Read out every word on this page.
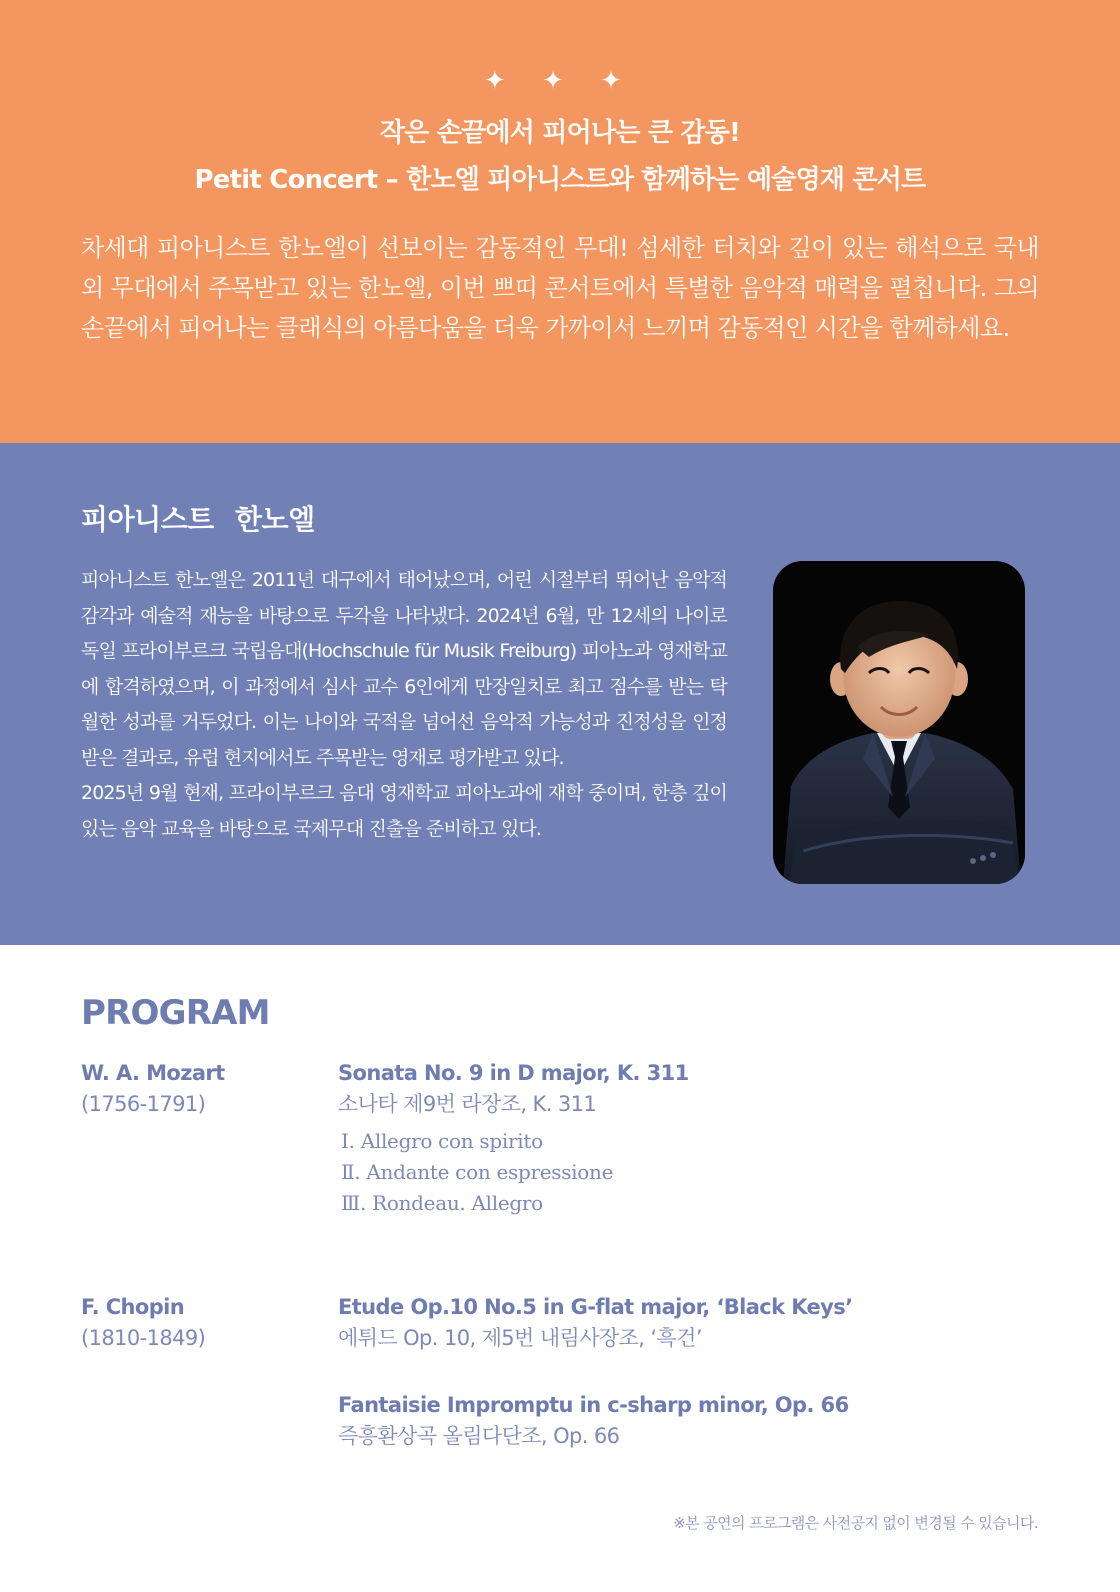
✦ ✦ ✦
작은 손끝에서 피어나는 큰 감동!
Petit Concert – 한노엘 피아니스트와 함께하는 예술영재 콘서트

차세대 피아니스트 한노엘이 선보이는 감동적인 무대! 섬세한 터치와 깊이 있는 해석으로 국내외 무대에서 주목받고 있는 한노엘, 이번 쁘띠 콘서트에서 특별한 음악적 매력을 펼칩니다. 그의 손끝에서 피어나는 클래식의 아름다움을 더욱 가까이서 느끼며 감동적인 시간을 함께하세요.

피아니스트 한노엘

피아니스트 한노엘은 2011년 대구에서 태어났으며, 어린 시절부터 뛰어난 음악적 감각과 예술적 재능을 바탕으로 두각을 나타냈다. 2024년 6월, 만 12세의 나이로 독일 프라이부르크 국립음대(Hochschule für Musik Freiburg) 피아노과 영재학교에 합격하였으며, 이 과정에서 심사 교수 6인에게 만장일치로 최고 점수를 받는 탁월한 성과를 거두었다. 이는 나이와 국적을 넘어선 음악적 가능성과 진정성을 인정받은 결과로, 유럽 현지에서도 주목받는 영재로 평가받고 있다.

2025년 9월 현재, 프라이부르크 음대 영재학교 피아노과에 재학 중이며, 한층 깊이 있는 음악 교육을 바탕으로 국제무대 진출을 준비하고 있다.

PROGRAM
W. A. Mozart
(1756-1791)
Sonata No. 9 in D major, K. 311
소나타 제9번 라장조, K. 311
Ⅰ. Allegro con spirito
Ⅱ. Andante con espressione
Ⅲ. Rondeau. Allegro
F. Chopin
(1810-1849)
Etude Op.10 No.5 in G-flat major, ‘Black Keys’
에튀드 Op. 10, 제5번 내림사장조, ‘흑건’
Fantaisie Impromptu in c-sharp minor, Op. 66
즉흥환상곡 올림다단조, Op. 66
※본 공연의 프로그램은 사전공지 없이 변경될 수 있습니다.
